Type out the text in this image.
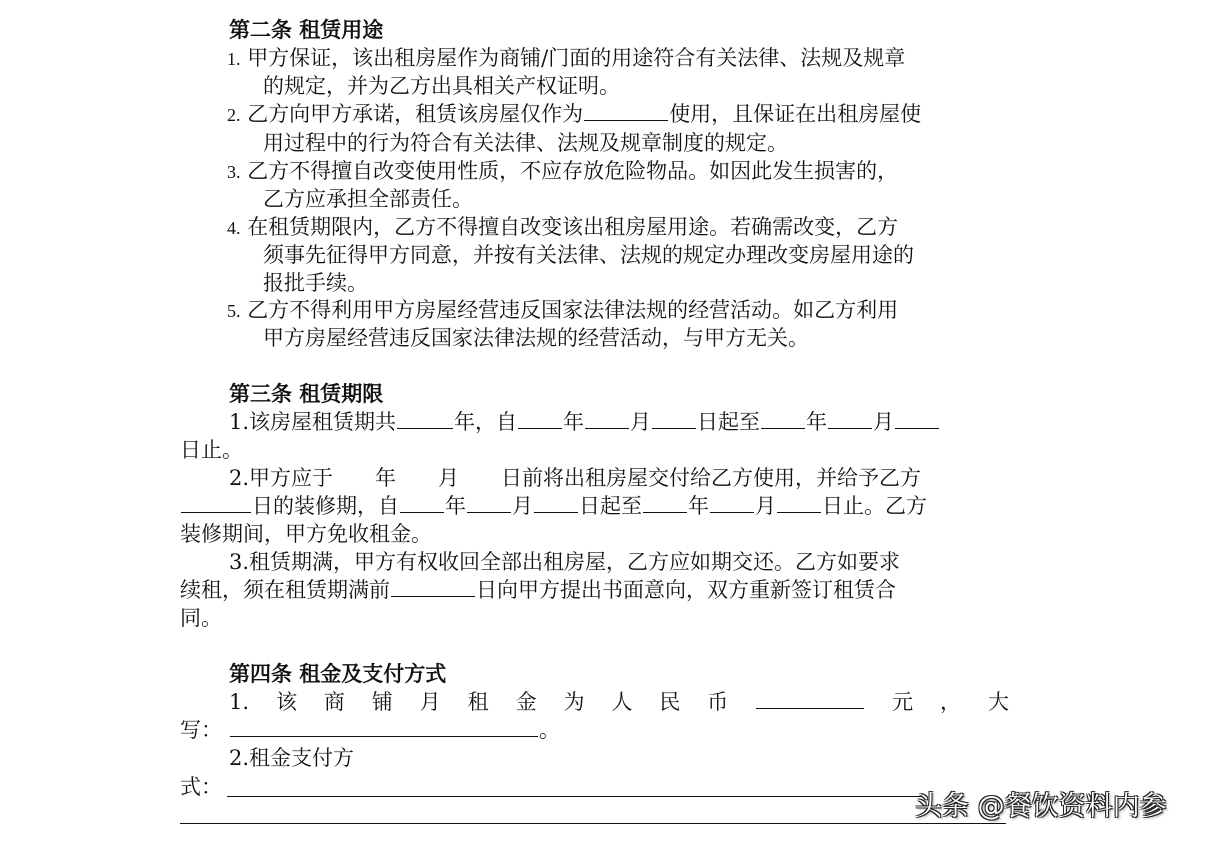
第二条 租赁用途
1. 甲方保证，该出租房屋作为商铺/门面的用途符合有关法律、法规及规章
的规定，并为乙方出具相关产权证明。
2. 乙方向甲方承诺，租赁该房屋仅作为	使用，且保证在出租房屋使
用过程中的行为符合有关法律、法规及规章制度的规定。
3. 乙方不得擅自改变使用性质，不应存放危险物品。如因此发生损害的，
乙方应承担全部责任。
4. 在租赁期限内，乙方不得擅自改变该出租房屋用途。若确需改变，乙方
须事先征得甲方同意，并按有关法律、法规的规定办理改变房屋用途的
报批手续。
5. 乙方不得利用甲方房屋经营违反国家法律法规的经营活动。如乙方利用
甲方房屋经营违反国家法律法规的经营活动，与甲方无关。
第三条 租赁期限
1.该房屋租赁期共	年，自 年 月 日起至 年 月
日止。
2.甲方应于　　年　　月　　日前将出租房屋交付给乙方使用，并给予乙方
日的装修期，自 年 月 日起至 年 月 日止。乙方
装修期间，甲方免收租金。
3.租赁期满，甲方有权收回全部出租房屋，乙方应如期交还。乙方如要求
续租，须在租赁期满前	日向甲方提出书面意向，双方重新签订租赁合
同。
第四条 租金及支付方式
1. 该 商 铺 月 租 金 为 人 民 币	元 ， 大
写：	。
2.租金支付方
式：
头条 @餐饮资料内参
